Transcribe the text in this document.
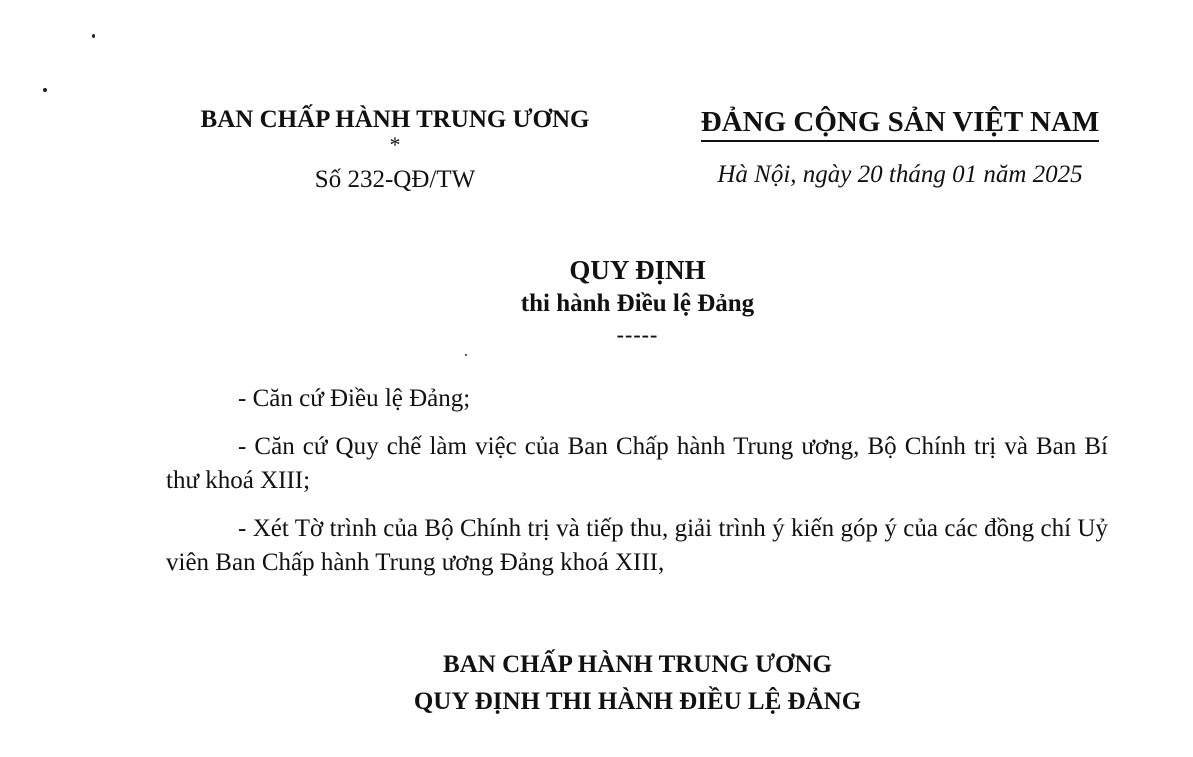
BAN CHẤP HÀNH TRUNG ƯƠNG
*
Số 232-QĐ/TW
ĐẢNG CỘNG SẢN VIỆT NAM
Hà Nội, ngày 20 tháng 01 năm 2025
QUY ĐỊNH
thi hành Điều lệ Đảng
-----

- Căn cứ Điều lệ Đảng;

- Căn cứ Quy chế làm việc của Ban Chấp hành Trung ương, Bộ Chính trị và Ban Bí thư khoá XIII;

- Xét Tờ trình của Bộ Chính trị và tiếp thu, giải trình ý kiến góp ý của các đồng chí Uỷ viên Ban Chấp hành Trung ương Đảng khoá XIII,

BAN CHẤP HÀNH TRUNG ƯƠNG
QUY ĐỊNH THI HÀNH ĐIỀU LỆ ĐẢNG
